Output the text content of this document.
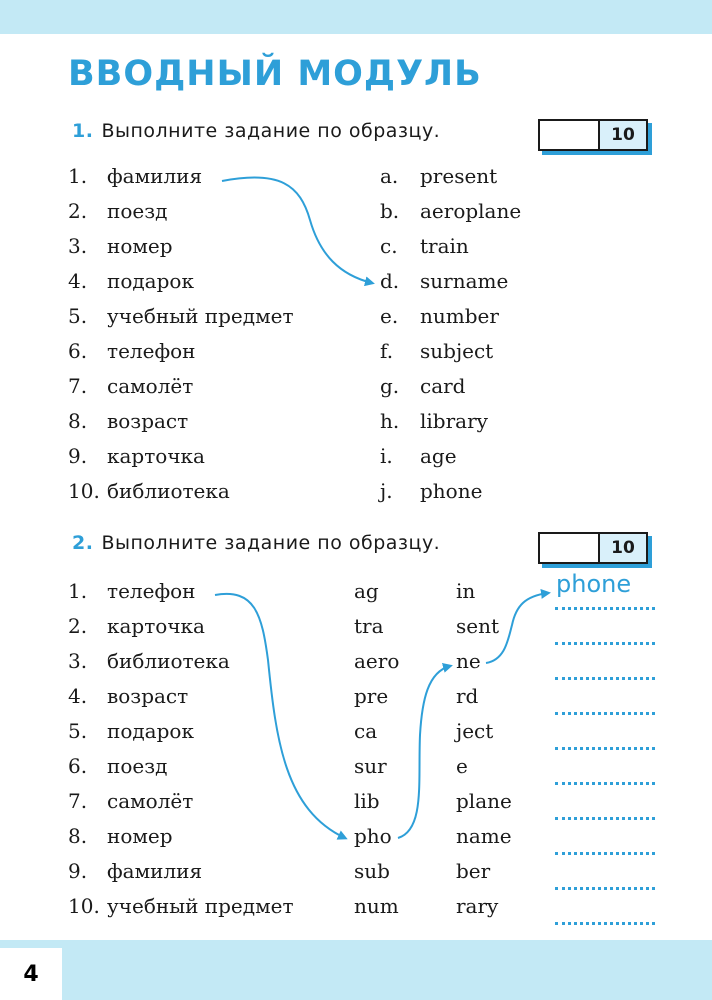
ВВОДНЫЙ МОДУЛЬ
1. Выполните задание по образцу.	10
1. фамилия	a. present
2. поезд	b. aeroplane
3. номер	c. train
4. подарок	d. surname
5. учебный предмет	e. number
6. телефон	f. subject
7. самолёт	g. card
8. возраст	h. library
9. карточка	i. age
10. библиотека	j. phone
2. Выполните задание по образцу.	10
1. телефон	ag	in
2. карточка	tra	sent
3. библиотека	aero	ne
4. возраст	pre	rd
5. подарок	ca	ject
6. поезд	sur	e
7. самолёт	lib	plane
8. номер	pho	name
9. фамилия	sub	ber
10. учебный предмет	num	rary
phone
4
